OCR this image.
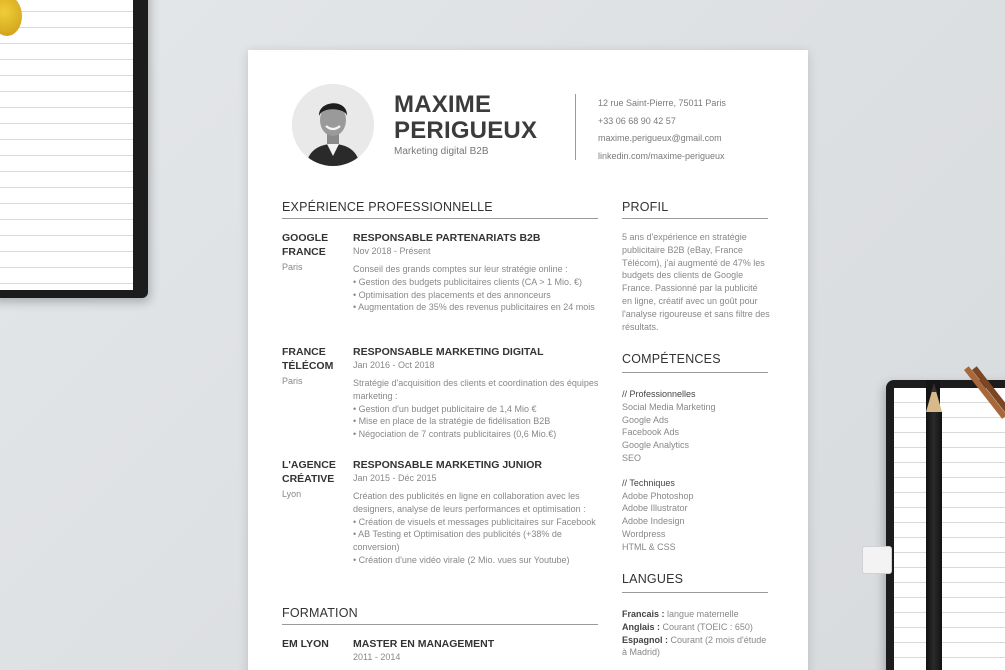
MAXIME
PERIGUEUX
Marketing digital B2B
12 rue Saint-Pierre, 75011 Paris
+33 06 68 90 42 57
maxime.perigueux@gmail.com
linkedin.com/maxime-perigueux
EXPÉRIENCE PROFESSIONNELLE
GOOGLE
FRANCE
Paris
RESPONSABLE PARTENARIATS B2B
Nov 2018 - Présent
Conseil des grands comptes sur leur stratégie online :
• Gestion des budgets publicitaires clients (CA > 1 Mio. €)
• Optimisation des placements et des annonceurs
• Augmentation de 35% des revenus publicitaires en 24 mois
FRANCE
TÉLÉCOM
Paris
RESPONSABLE MARKETING DIGITAL
Jan 2016 - Oct 2018
Stratégie d'acquisition des clients et coordination des équipes marketing :
• Gestion d'un budget publicitaire de 1,4 Mio €
• Mise en place de la stratégie de fidélisation B2B
• Négociation de 7 contrats publicitaires (0,6 Mio.€)
L'AGENCE
CRÉATIVE
Lyon
RESPONSABLE MARKETING JUNIOR
Jan 2015 - Déc 2015
Création des publicités en ligne en collaboration avec les designers, analyse de leurs performances et optimisation :
• Création de visuels et messages publicitaires sur Facebook
• AB Testing et Optimisation des publicités (+38% de conversion)
• Création d'une vidéo virale (2 Mio. vues sur Youtube)
FORMATION
EM LYON	MASTER EN MANAGEMENT
2011 - 2014
PROFIL
5 ans d'expérience en stratégie publicitaire B2B (eBay, France Télécom), j'ai augmenté de 47% les budgets des clients de Google France. Passionné par la publicité en ligne, créatif avec un goût pour l'analyse rigoureuse et sans filtre des résultats.
COMPÉTENCES
// Professionnelles
Social Media Marketing
Google Ads
Facebook Ads
Google Analytics
SEO
// Techniques
Adobe Photoshop
Adobe Illustrator
Adobe Indesign
Wordpress
HTML & CSS
LANGUES
Francais : langue maternelle
Anglais : Courant (TOEIC : 650)
Espagnol : Courant (2 mois d'étude à Madrid)
